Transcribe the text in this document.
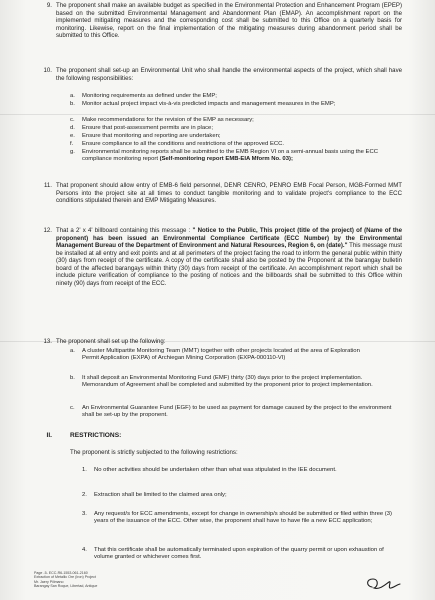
9. The proponent shall make an available budget as specified in the Environmental Protection and Enhancement Program (EPEP) based on the submitted Environmental Management and Abandonment Plan (EMAP). An accomplishment report on the implemented mitigating measures and the corresponding cost shall be submitted to this Office on a quarterly basis for monitoring. Likewise, report on the final implementation of the mitigating measures during abandonment period shall be submitted to this Office.
10. The proponent shall set-up an Environmental Unit who shall handle the environmental aspects of the project, which shall have the following responsibilities:
a.	Monitoring requirements as defined under the EMP;
b.	Monitor actual project impact vis-à-vis predicted impacts and management measures in the EMP;
c.	Make recommendations for the revision of the EMP as necessary;
d.	Ensure that post-assessment permits are in place;
e.	Ensure that monitoring and reporting are undertaken;
f.	Ensure compliance to all the conditions and restrictions of the approved ECC.
g.	Environmental monitoring reports shall be submitted to the EMB Region VI on a semi-annual basis using the ECC compliance monitoring report (Self-monitoring report EMB-EIA Mform No. 03);
11. That proponent should allow entry of EMB-6 field personnel, DENR CENRO, PENRO EMB Focal Person, MGB-Formed MMT Persons into the project site at all times to conduct tangible monitoring and to validate project's compliance to the ECC conditions stipulated therein and EMP Mitigating Measures.
12. That a 2' x 4' billboard containing this message : " Notice to the Public, This project (title of the project) of (Name of the proponent) has been issued an Environmental Compliance Certificate (ECC Number) by the Environmental Management Bureau of the Department of Environment and Natural Resources, Region 6, on (date)." This message must be installed at all entry and exit points and at all perimeters of the project facing the road to inform the general public within thirty (30) days from receipt of the certificate. A copy of the certificate shall also be posted by the Proponent at the barangay bulletin board of the affected barangays within thirty (30) days from receipt of the certificate. An accomplishment report which shall be include picture verification of compliance to the posting of notices and the billboards shall be submitted to this Office within ninety (90) days from receipt of the ECC.
13. The proponent shall set up the following:
a.	A cluster Multipartite Monitoring Team (MMT) together with other projects located at the area of Exploration Permit Application (EXPA) of Archiegan Mining Corporation (EXPA-000110-VI)
b.	It shall deposit an Environmental Monitoring Fund (EMF) thirty (30) days prior to the project implementation. Memorandum of Agreement shall be completed and submitted by the proponent prior to project implementation.
c.	An Environmental Guarantee Fund (EGF) to be used as payment for damage caused by the project to the environment shall be set-up by the proponent.
II.	RESTRICTIONS:
The proponent is strictly subjected to the following restrictions:
1.	No other activities should be undertaken other than what was stipulated in the IEE document.
2.	Extraction shall be limited to the claimed area only;
3.	Any request/s for ECC amendments, except for change in ownership/s should be submitted or filed within three (3) years of the issuance of the ECC. Other wise, the proponent shall have to have file a new ECC application;
4.	That this certificate shall be automatically terminated upon expiration of the quarry permit or upon exhaustion of volume granted or whichever comes first.
Page -5- ECC-R6-1553-061-2160
Extraction of Metallic Ore (Iron) Project
Mr. Jaery Pilimano
Barangay San Roque, Libertad, Antique
